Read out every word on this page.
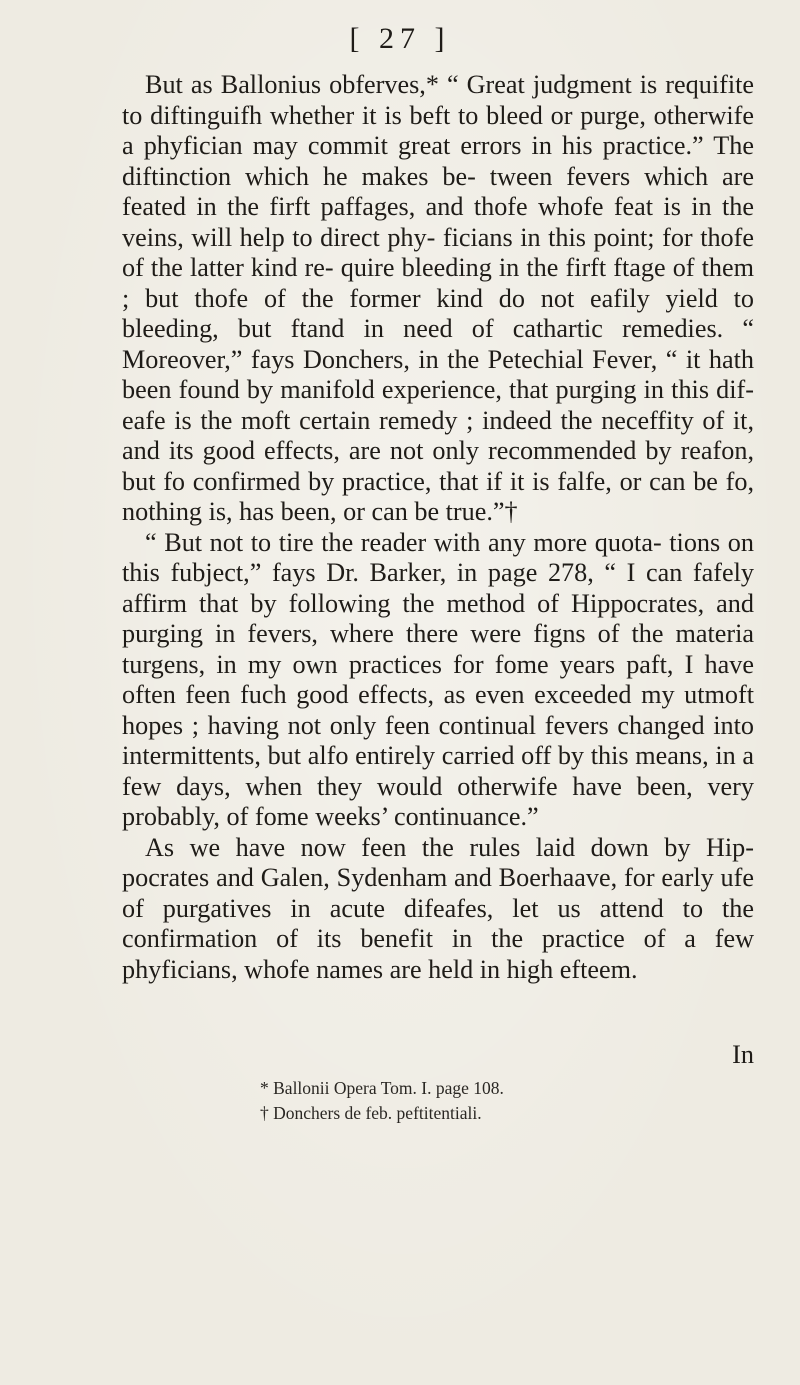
[ 27 ]

But as Ballonius obferves,* “ Great judgment is requifite to diftinguifh whether it is beft to bleed or purge, otherwife a phyfician may commit great errors in his practice.” The diftinction which he makes be- tween fevers which are feated in the firft paffages, and thofe whofe feat is in the veins, will help to direct phy- ficians in this point; for thofe of the latter kind re- quire bleeding in the firft ftage of them ; but thofe of the former kind do not eafily yield to bleeding, but ftand in need of cathartic remedies. “ Moreover,” fays Donchers, in the Petechial Fever, “ it hath been found by manifold experience, that purging in this dif- eafe is the moft certain remedy ; indeed the neceffity of it, and its good effects, are not only recommended by reafon, but fo confirmed by practice, that if it is falfe, or can be fo, nothing is, has been, or can be true.”†

“ But not to tire the reader with any more quota- tions on this fubject,” fays Dr. Barker, in page 278, “ I can fafely affirm that by following the method of Hippocrates, and purging in fevers, where there were figns of the materia turgens, in my own practices for fome years paft, I have often feen fuch good effects, as even exceeded my utmoft hopes ; having not only feen continual fevers changed into intermittents, but alfo entirely carried off by this means, in a few days, when they would otherwife have been, very probably, of fome weeks’ continuance.”

As we have now feen the rules laid down by Hip- pocrates and Galen, Sydenham and Boerhaave, for early ufe of purgatives in acute difeafes, let us attend to the confirmation of its benefit in the practice of a few phyficians, whofe names are held in high efteem.

In
* Ballonii Opera Tom. I. page 108.
† Donchers de feb. peftitentiali.
